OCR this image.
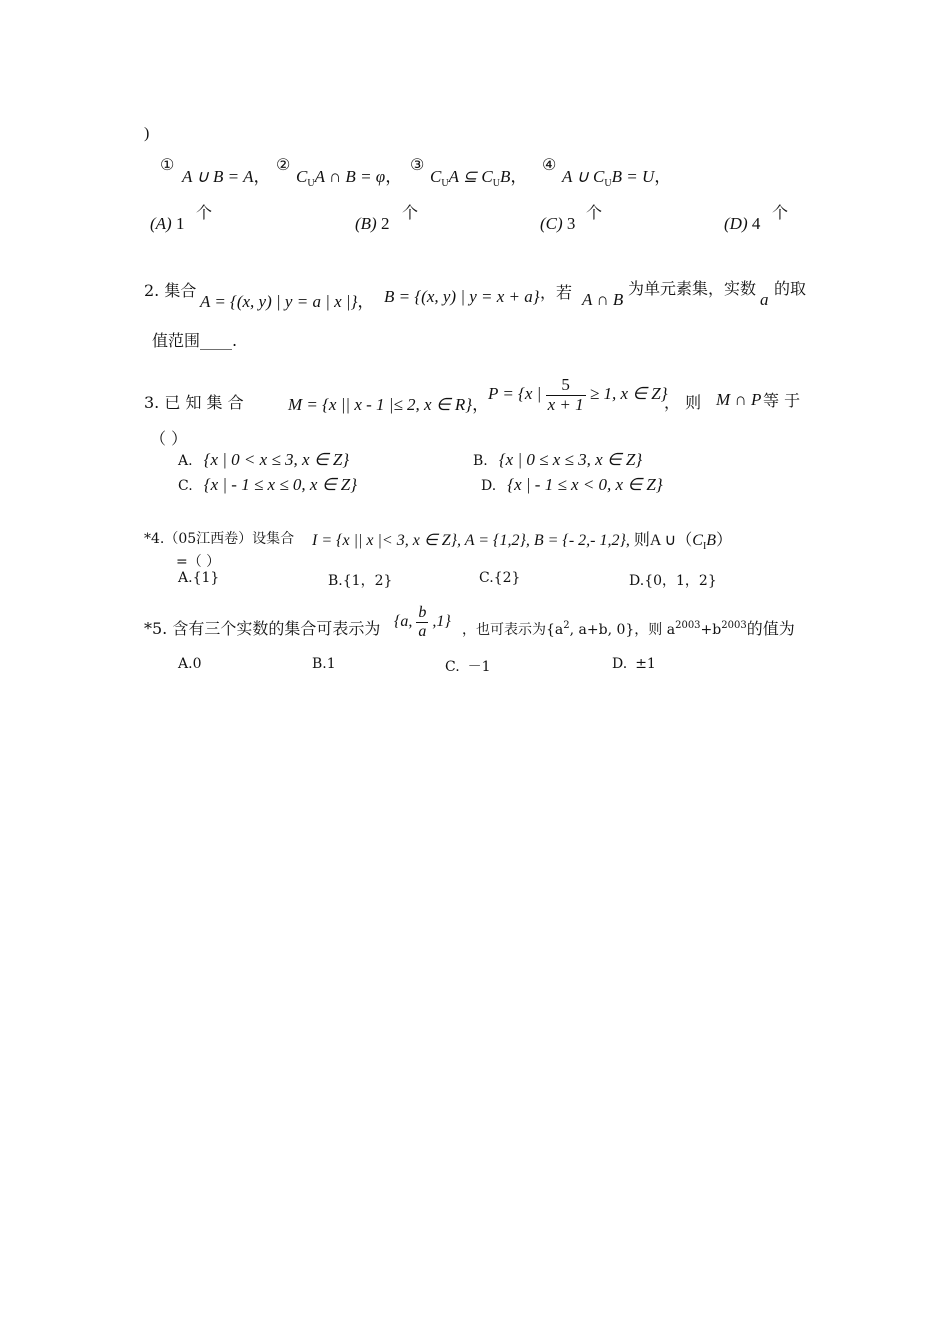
)
①
A ∪ B = A，
②
$C_UA$ ∩ B = φ，
③
$C_UA$ ⊆ $C_UB$，
④
A ∪ $C_UB = U$，
(A) 1
个
(B) 2
个
(C) 3
个
(D) 4
个
2. 集合
A = {(x, y) | y = a | x |}， B = {(x, y) | y = x + a} ，若 A ∩ B
为单元素集，实数
a
的取
值范围____.
3. 已 知 集 合	M = {x || x - 1 |≤ 2, x ∈ R}，
P = {x | $\frac{5}{x + 1} \ge 1$, x ∈ Z}
， 则 M ∩ P 等 于
（ ）
A. {x | 0 < x ≤ 3, x ∈ Z}	B. {x | 0 ≤ x ≤ 3, x ∈ Z}
C. {x | - 1 ≤ x ≤ 0, x ∈ Z}	D. {x | - 1 ≤ x < 0, x ∈ Z}
*4.（05江西卷）设集合 I = {x || x |< 3, x ∈ Z}, A = {1,2}, B = {- 2,- 1,2}, 则A $\cup(C_IB)$
=（ ）
A.{1}	B.{1，2}	C.{2}	D.{0，1，2}
*5. 含有三个实数的集合可表示为 {a, $\frac{b}{a} ,1$}
，也可表示为{$a^2$, a+b, 0}，则 $a^{2003}+b^{2003}$的值为
A.0	B.1	C. －1	D. ±1
